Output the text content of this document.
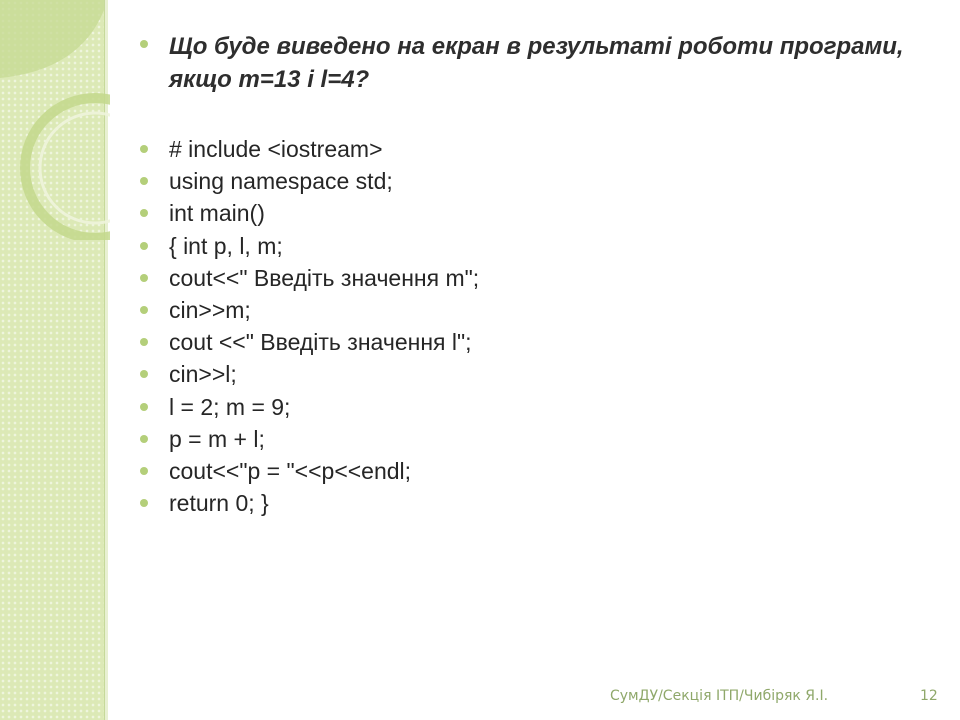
Що буде виведено на екран в результаті роботи програми, якщо m=13 і l=4?

# include <iostream>
using namespace std;
int main()
{ int p, l, m;
cout<<" Введіть значення m";
cin>>m;
cout <<" Введіть значення l";
cin>>l;
l = 2; m = 9;
p = m + l;
cout<<"p = "<<p<<endl;
return 0; }
СумДУ/Секція ІТП/Чибіряк Я.І.	12
